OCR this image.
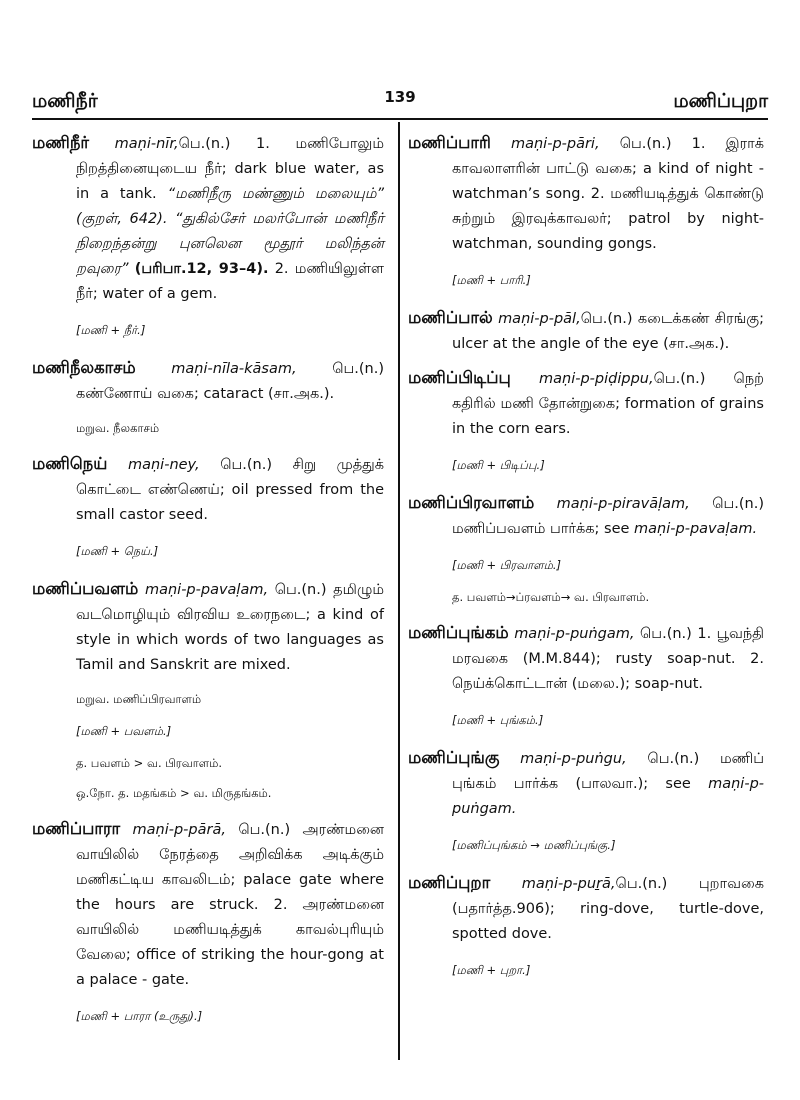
மணிநீர்	139	மணிப்புறா
மணிநீர் maṇi-nīr,பெ.(n.) 1. மணிபோலும் நிறத்தினையுடைய நீர்; dark blue water, as in a tank. “மணிநீரு மண்ணும் மலையும்” (குறள், 642). “துகில்சேர் மலர்போன் மணிநீர் நிறைந்தன்று புனலென மூதூர் மலிந்தன் றவுரை” (பரிபா.12, 93–4). 2. மணியிலுள்ள நீர்; water of a gem.
[மணி + நீர்.]
மணிநீலகாசம் maṇi-nīla-kāsam, பெ.(n.) கண்ணோய் வகை; cataract (சா.அக.).
மறுவ. நீலகாசம்
மணிநெய் maṇi-ney, பெ.(n.) சிறு முத்துக் கொட்டை எண்ணெய்; oil pressed from the small castor seed.
[மணி + நெய்.]
மணிப்பவளம் maṇi-p-pavaḷam, பெ.(n.) தமிழும் வடமொழியும் விரவிய உரைநடை; a kind of style in which words of two languages as Tamil and Sanskrit are mixed.
மறுவ. மணிப்பிரவாளம்
[மணி + பவளம்.]
த. பவளம் > வ. பிரவாளம்.
ஒ.நோ. த. மதங்கம் > வ. மிருதங்கம்.
மணிப்பாரா maṇi-p-pārā, பெ.(n.) அரண்மனை வாயிலில் நேரத்தை அறிவிக்க அடிக்கும் மணிகட்டிய காவலிடம்; palace gate where the hours are struck. 2. அரண்மனை வாயிலில் மணியடித்துக் காவல்புரியும் வேலை; office of striking the hour-gong at a palace - gate.
[மணி + பாரா (உருது).]
மணிப்பாரி maṇi-p-pāri, பெ.(n.) 1. இராக் காவலாளரின் பாட்டு வகை; a kind of night -watchman’s song. 2. மணியடித்துக் கொண்டு சுற்றும் இரவுக்காவலர்; patrol by night-watchman, sounding gongs.
[மணி + பாரி.]
மணிப்பால் maṇi-p-pāl,பெ.(n.) கடைக்கண் சிரங்கு; ulcer at the angle of the eye (சா.அக.).
மணிப்பிடிப்பு maṇi-p-piḍippu,பெ.(n.) நெற் கதிரில் மணி தோன்றுகை; formation of grains in the corn ears.
[மணி + பிடிப்பு.]
மணிப்பிரவாளம் maṇi-p-piravāḷam, பெ.(n.) மணிப்பவளம் பார்க்க; see maṇi-p-pavaḷam.
[மணி + பிரவாளம்.]
த. பவளம்→ப்ரவளம்→ வ. பிரவாளம்.
மணிப்புங்கம் maṇi-p-puṅgam, பெ.(n.) 1. பூவந்தி மரவகை (M.M.844); rusty soap-nut. 2. நெய்க்கொட்டான் (மலை.); soap-nut.
[மணி + புங்கம்.]
மணிப்புங்கு maṇi-p-puṅgu, பெ.(n.) மணிப் புங்கம் பார்க்க (பாலவா.); see maṇi-p-puṅgam.
[மணிப்புங்கம் → மணிப்புங்கு.]
மணிப்புறா maṇi-p-puṟā,பெ.(n.) புறாவகை (பதார்த்த.906); ring-dove, turtle-dove, spotted dove.
[மணி + புறா.]
